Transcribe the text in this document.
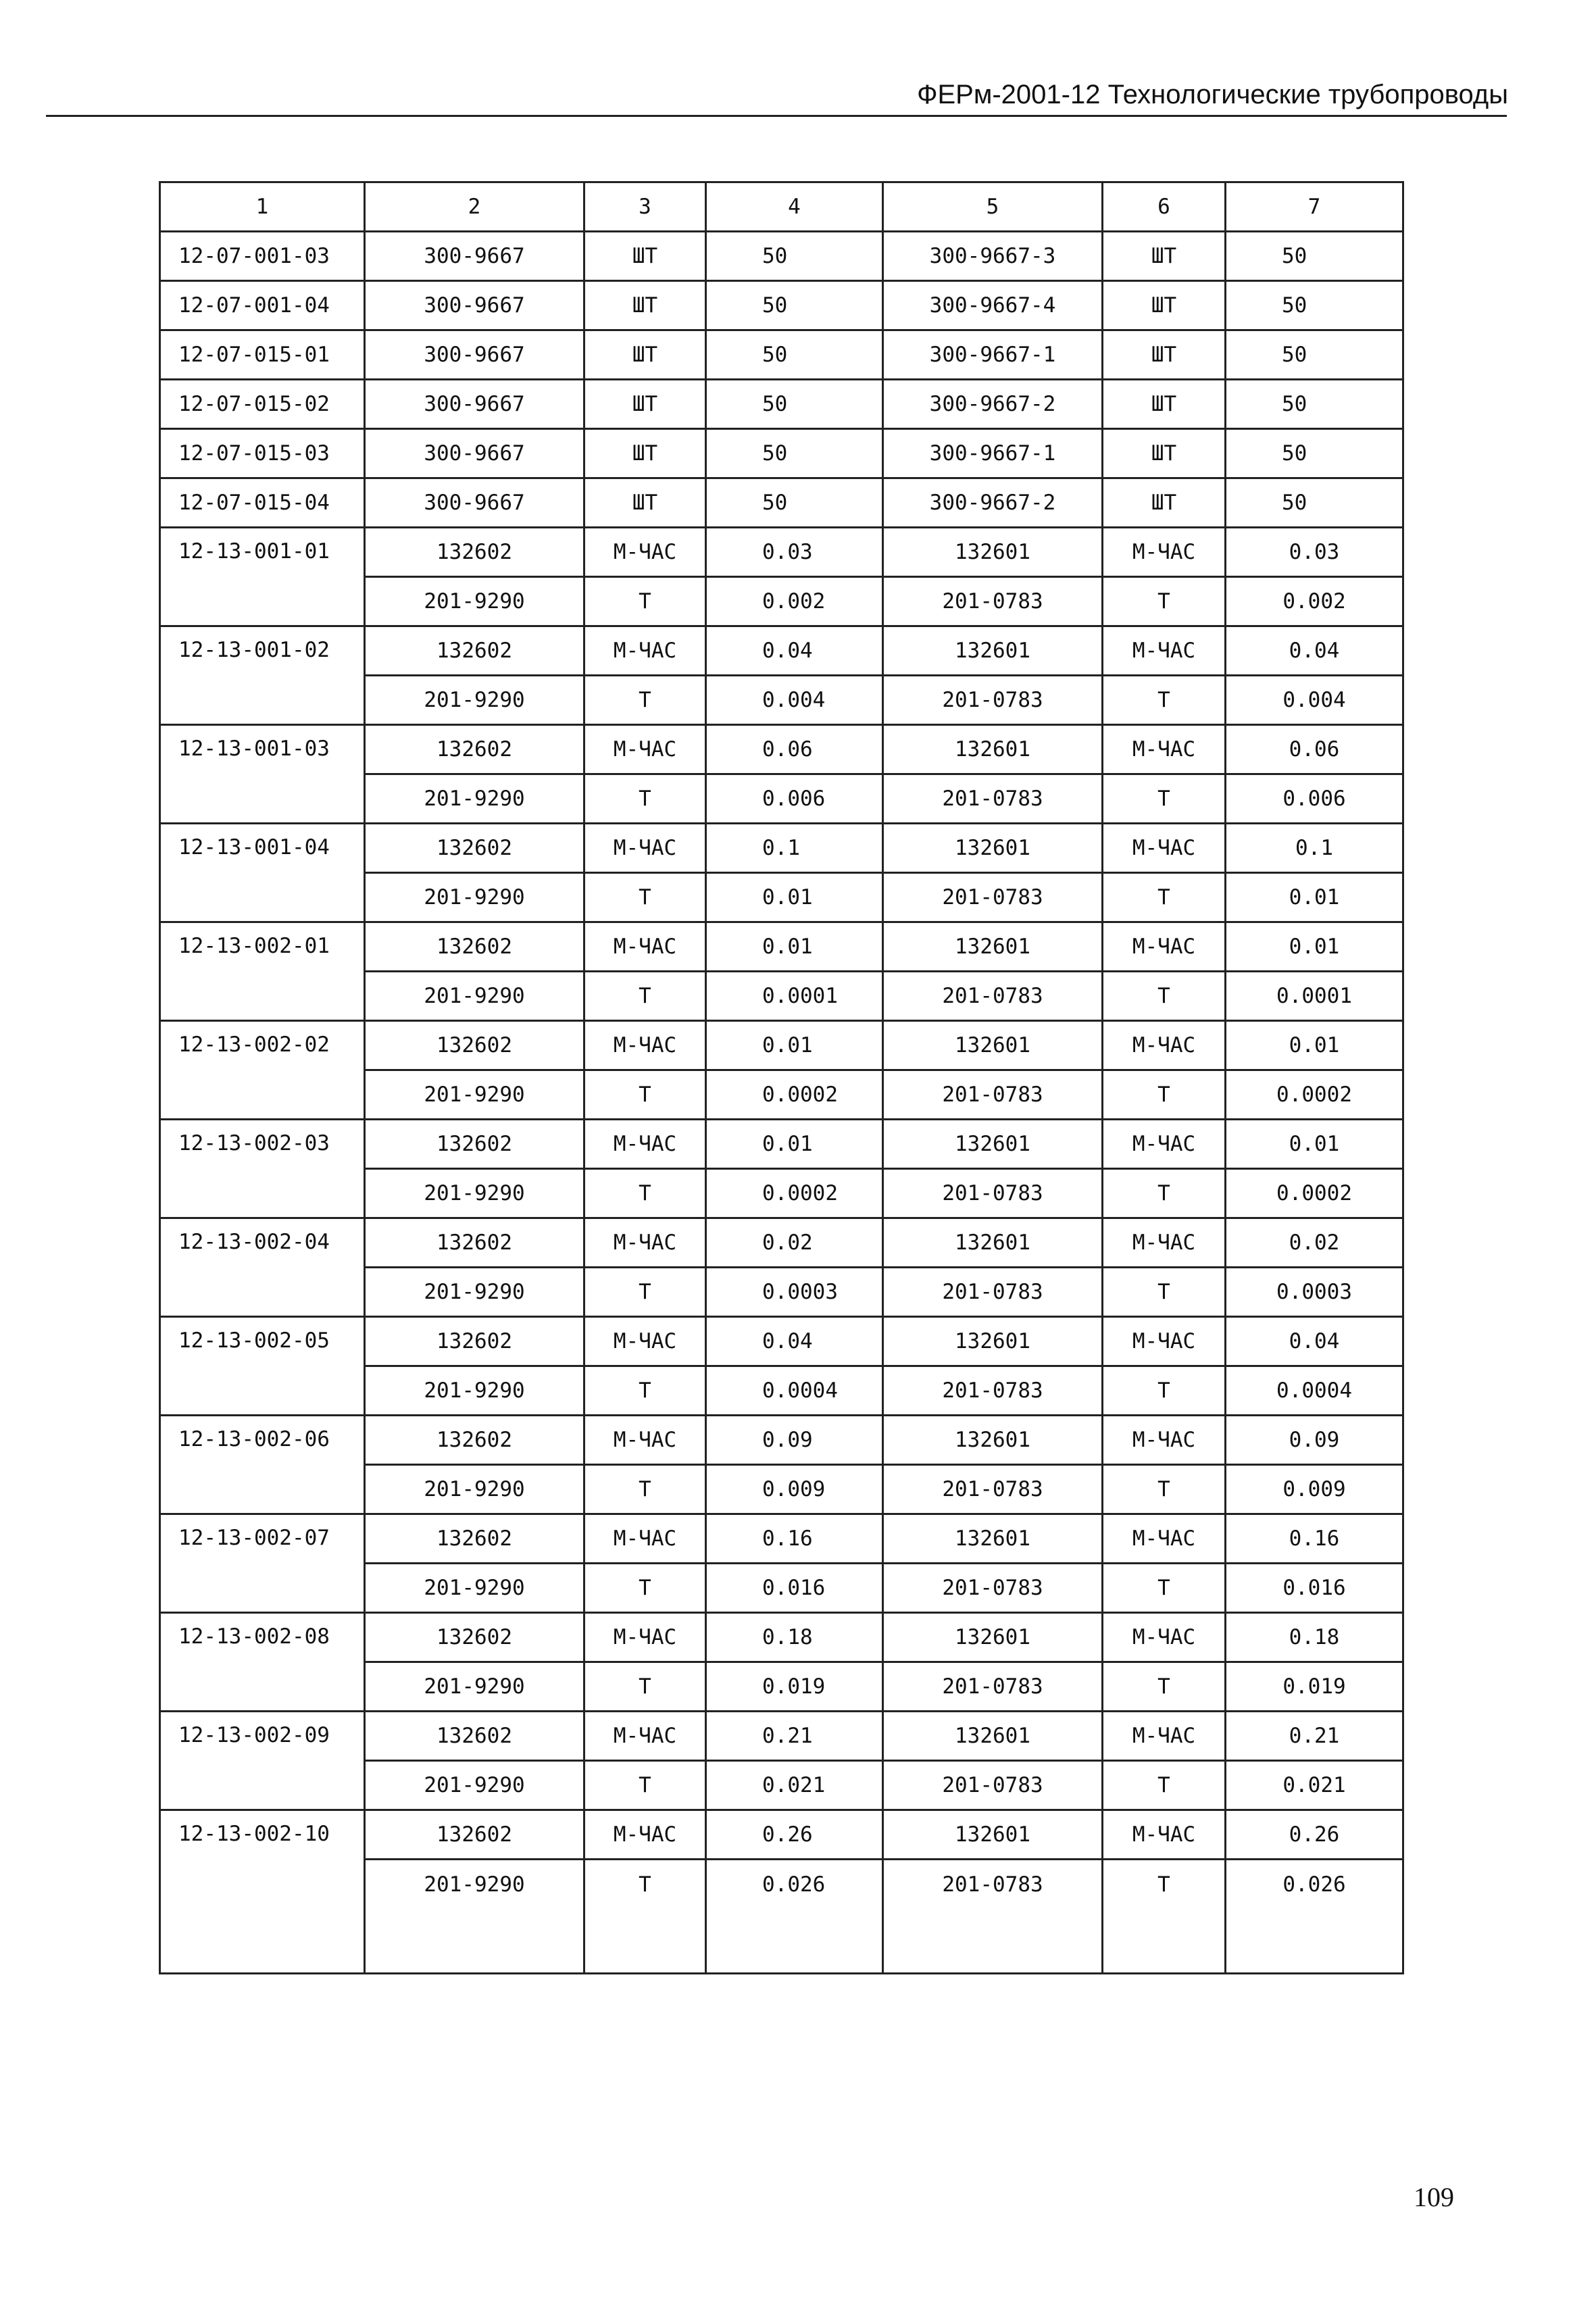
ФЕРм-2001-12 Технологические трубопроводы
1	2	3	4	5	6	7
12-07-001-03	300-9667	ШТ	50	300-9667-3	ШТ	50
12-07-001-04	300-9667	ШТ	50	300-9667-4	ШТ	50
12-07-015-01	300-9667	ШТ	50	300-9667-1	ШТ	50
12-07-015-02	300-9667	ШТ	50	300-9667-2	ШТ	50
12-07-015-03	300-9667	ШТ	50	300-9667-1	ШТ	50
12-07-015-04	300-9667	ШТ	50	300-9667-2	ШТ	50
12-13-001-01	132602	М-ЧАС	0.03	132601	М-ЧАС	0.03
	201-9290	Т	0.002	201-0783	Т	0.002
12-13-001-02	132602	М-ЧАС	0.04	132601	М-ЧАС	0.04
	201-9290	Т	0.004	201-0783	Т	0.004
12-13-001-03	132602	М-ЧАС	0.06	132601	М-ЧАС	0.06
	201-9290	Т	0.006	201-0783	Т	0.006
12-13-001-04	132602	М-ЧАС	0.1	132601	М-ЧАС	0.1
	201-9290	Т	0.01	201-0783	Т	0.01
12-13-002-01	132602	М-ЧАС	0.01	132601	М-ЧАС	0.01
	201-9290	Т	0.0001	201-0783	Т	0.0001
12-13-002-02	132602	М-ЧАС	0.01	132601	М-ЧАС	0.01
	201-9290	Т	0.0002	201-0783	Т	0.0002
12-13-002-03	132602	М-ЧАС	0.01	132601	М-ЧАС	0.01
	201-9290	Т	0.0002	201-0783	Т	0.0002
12-13-002-04	132602	М-ЧАС	0.02	132601	М-ЧАС	0.02
	201-9290	Т	0.0003	201-0783	Т	0.0003
12-13-002-05	132602	М-ЧАС	0.04	132601	М-ЧАС	0.04
	201-9290	Т	0.0004	201-0783	Т	0.0004
12-13-002-06	132602	М-ЧАС	0.09	132601	М-ЧАС	0.09
	201-9290	Т	0.009	201-0783	Т	0.009
12-13-002-07	132602	М-ЧАС	0.16	132601	М-ЧАС	0.16
	201-9290	Т	0.016	201-0783	Т	0.016
12-13-002-08	132602	М-ЧАС	0.18	132601	М-ЧАС	0.18
	201-9290	Т	0.019	201-0783	Т	0.019
12-13-002-09	132602	М-ЧАС	0.21	132601	М-ЧАС	0.21
	201-9290	Т	0.021	201-0783	Т	0.021
12-13-002-10	132602	М-ЧАС	0.26	132601	М-ЧАС	0.26
	201-9290	Т	0.026	201-0783	Т	0.026
109
